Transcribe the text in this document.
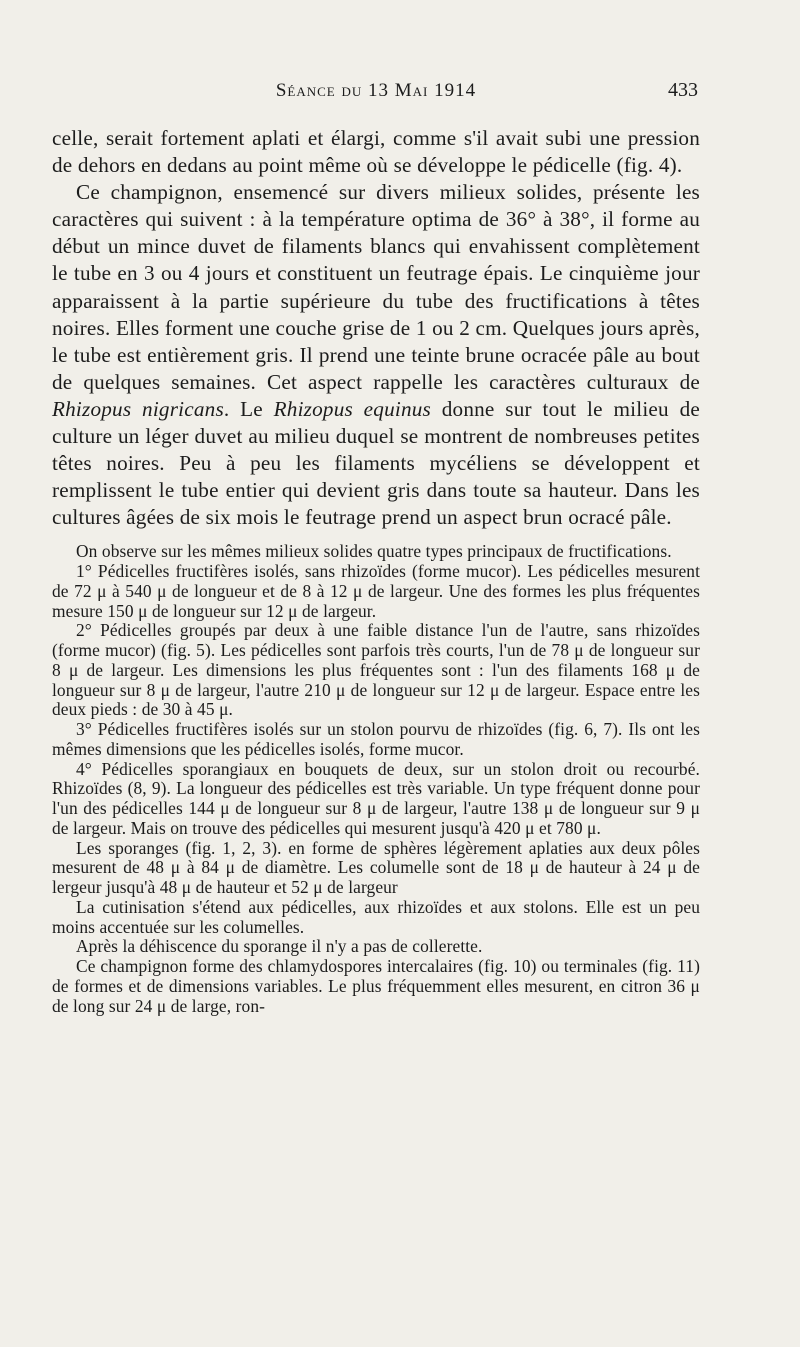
Séance du 13 Mai 1914	433

celle, serait fortement aplati et élargi, comme s'il avait subi une pression de dehors en dedans au point même où se développe le pédicelle (fig. 4).

Ce champignon, ensemencé sur divers milieux solides, présente les caractères qui suivent : à la température optima de 36° à 38°, il forme au début un mince duvet de filaments blancs qui envahissent complètement le tube en 3 ou 4 jours et constituent un feutrage épais. Le cinquième jour apparaissent à la partie supérieure du tube des fructifications à têtes noires. Elles forment une couche grise de 1 ou 2 cm. Quelques jours après, le tube est entièrement gris. Il prend une teinte brune ocracée pâle au bout de quelques semaines. Cet aspect rappelle les caractères culturaux de Rhizopus nigricans. Le Rhizopus equinus donne sur tout le milieu de culture un léger duvet au milieu duquel se montrent de nombreuses petites têtes noires. Peu à peu les filaments mycéliens se développent et remplissent le tube entier qui devient gris dans toute sa hauteur. Dans les cultures âgées de six mois le feutrage prend un aspect brun ocracé pâle.

On observe sur les mêmes milieux solides quatre types principaux de fructifications.

1° Pédicelles fructifères isolés, sans rhizoïdes (forme mucor). Les pédicelles mesurent de 72 μ à 540 μ de longueur et de 8 à 12 μ de largeur. Une des formes les plus fréquentes mesure 150 μ de longueur sur 12 μ de largeur.

2° Pédicelles groupés par deux à une faible distance l'un de l'autre, sans rhizoïdes (forme mucor) (fig. 5). Les pédicelles sont parfois très courts, l'un de 78 μ de longueur sur 8 μ de largeur. Les dimensions les plus fréquentes sont : l'un des filaments 168 μ de longueur sur 8 μ de largeur, l'autre 210 μ de longueur sur 12 μ de largeur. Espace entre les deux pieds : de 30 à 45 μ.

3° Pédicelles fructifères isolés sur un stolon pourvu de rhizoïdes (fig. 6, 7). Ils ont les mêmes dimensions que les pédicelles isolés, forme mucor.

4° Pédicelles sporangiaux en bouquets de deux, sur un stolon droit ou recourbé. Rhizoïdes (8, 9). La longueur des pédicelles est très variable. Un type fréquent donne pour l'un des pédicelles 144 μ de longueur sur 8 μ de largeur, l'autre 138 μ de longueur sur 9 μ de largeur. Mais on trouve des pédicelles qui mesurent jusqu'à 420 μ et 780 μ.

Les sporanges (fig. 1, 2, 3). en forme de sphères légèrement aplaties aux deux pôles mesurent de 48 μ à 84 μ de diamètre. Les columelle sont de 18 μ de hauteur à 24 μ de lergeur jusqu'à 48 μ de hauteur et 52 μ de largeur

La cutinisation s'étend aux pédicelles, aux rhizoïdes et aux stolons. Elle est un peu moins accentuée sur les columelles.

Après la déhiscence du sporange il n'y a pas de collerette.

Ce champignon forme des chlamydospores intercalaires (fig. 10) ou terminales (fig. 11) de formes et de dimensions variables. Le plus fréquemment elles mesurent, en citron 36 μ de long sur 24 μ de large, ron-
